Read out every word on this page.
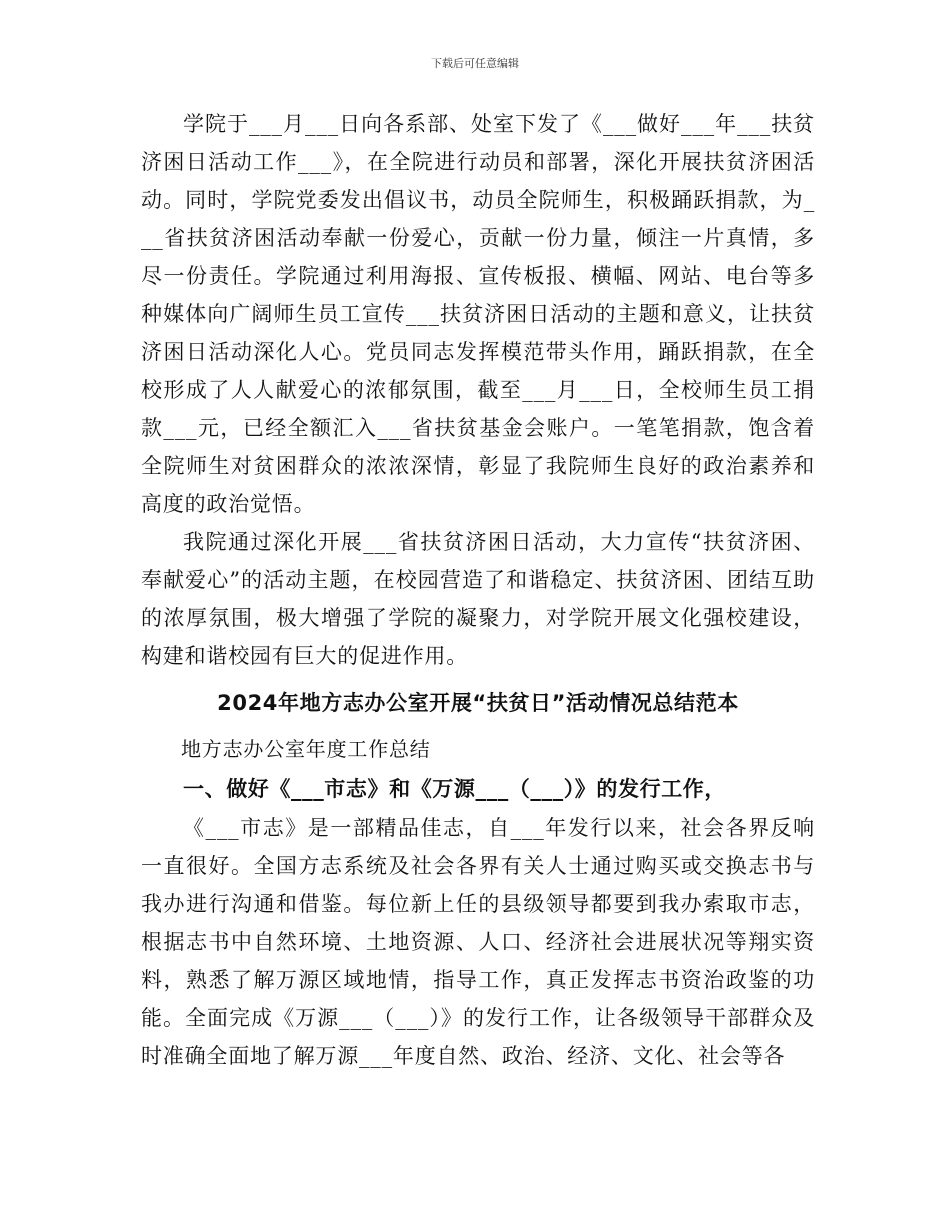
下载后可任意编辑

学院于___月___日向各系部、处室下发了《___做好___年___扶贫济困日活动工作___》，在全院进行动员和部署，深化开展扶贫济困活动。同时，学院党委发出倡议书，动员全院师生，积极踊跃捐款，为___省扶贫济困活动奉献一份爱心，贡献一份力量，倾注一片真情，多尽一份责任。学院通过利用海报、宣传板报、横幅、网站、电台等多种媒体向广阔师生员工宣传___扶贫济困日活动的主题和意义，让扶贫济困日活动深化人心。党员同志发挥模范带头作用，踊跃捐款，在全校形成了人人献爱心的浓郁氛围，截至___月___日，全校师生员工捐款___元，已经全额汇入___省扶贫基金会账户。一笔笔捐款，饱含着全院师生对贫困群众的浓浓深情，彰显了我院师生良好的政治素养和高度的政治觉悟。

我院通过深化开展___省扶贫济困日活动，大力宣传“扶贫济困、奉献爱心”的活动主题，在校园营造了和谐稳定、扶贫济困、团结互助的浓厚氛围，极大增强了学院的凝聚力，对学院开展文化强校建设，构建和谐校园有巨大的促进作用。

2024年地方志办公室开展“扶贫日”活动情况总结范本

地方志办公室年度工作总结

一、做好《___市志》和《万源___（___）》的发行工作，

《___市志》是一部精品佳志，自___年发行以来，社会各界反响一直很好。全国方志系统及社会各界有关人士通过购买或交换志书与我办进行沟通和借鉴。每位新上任的县级领导都要到我办索取市志，根据志书中自然环境、土地资源、人口、经济社会进展状况等翔实资料，熟悉了解万源区域地情，指导工作，真正发挥志书资治政鉴的功能。全面完成《万源___（___）》的发行工作，让各级领导干部群众及时准确全面地了解万源___年度自然、政治、经济、文化、社会等各
